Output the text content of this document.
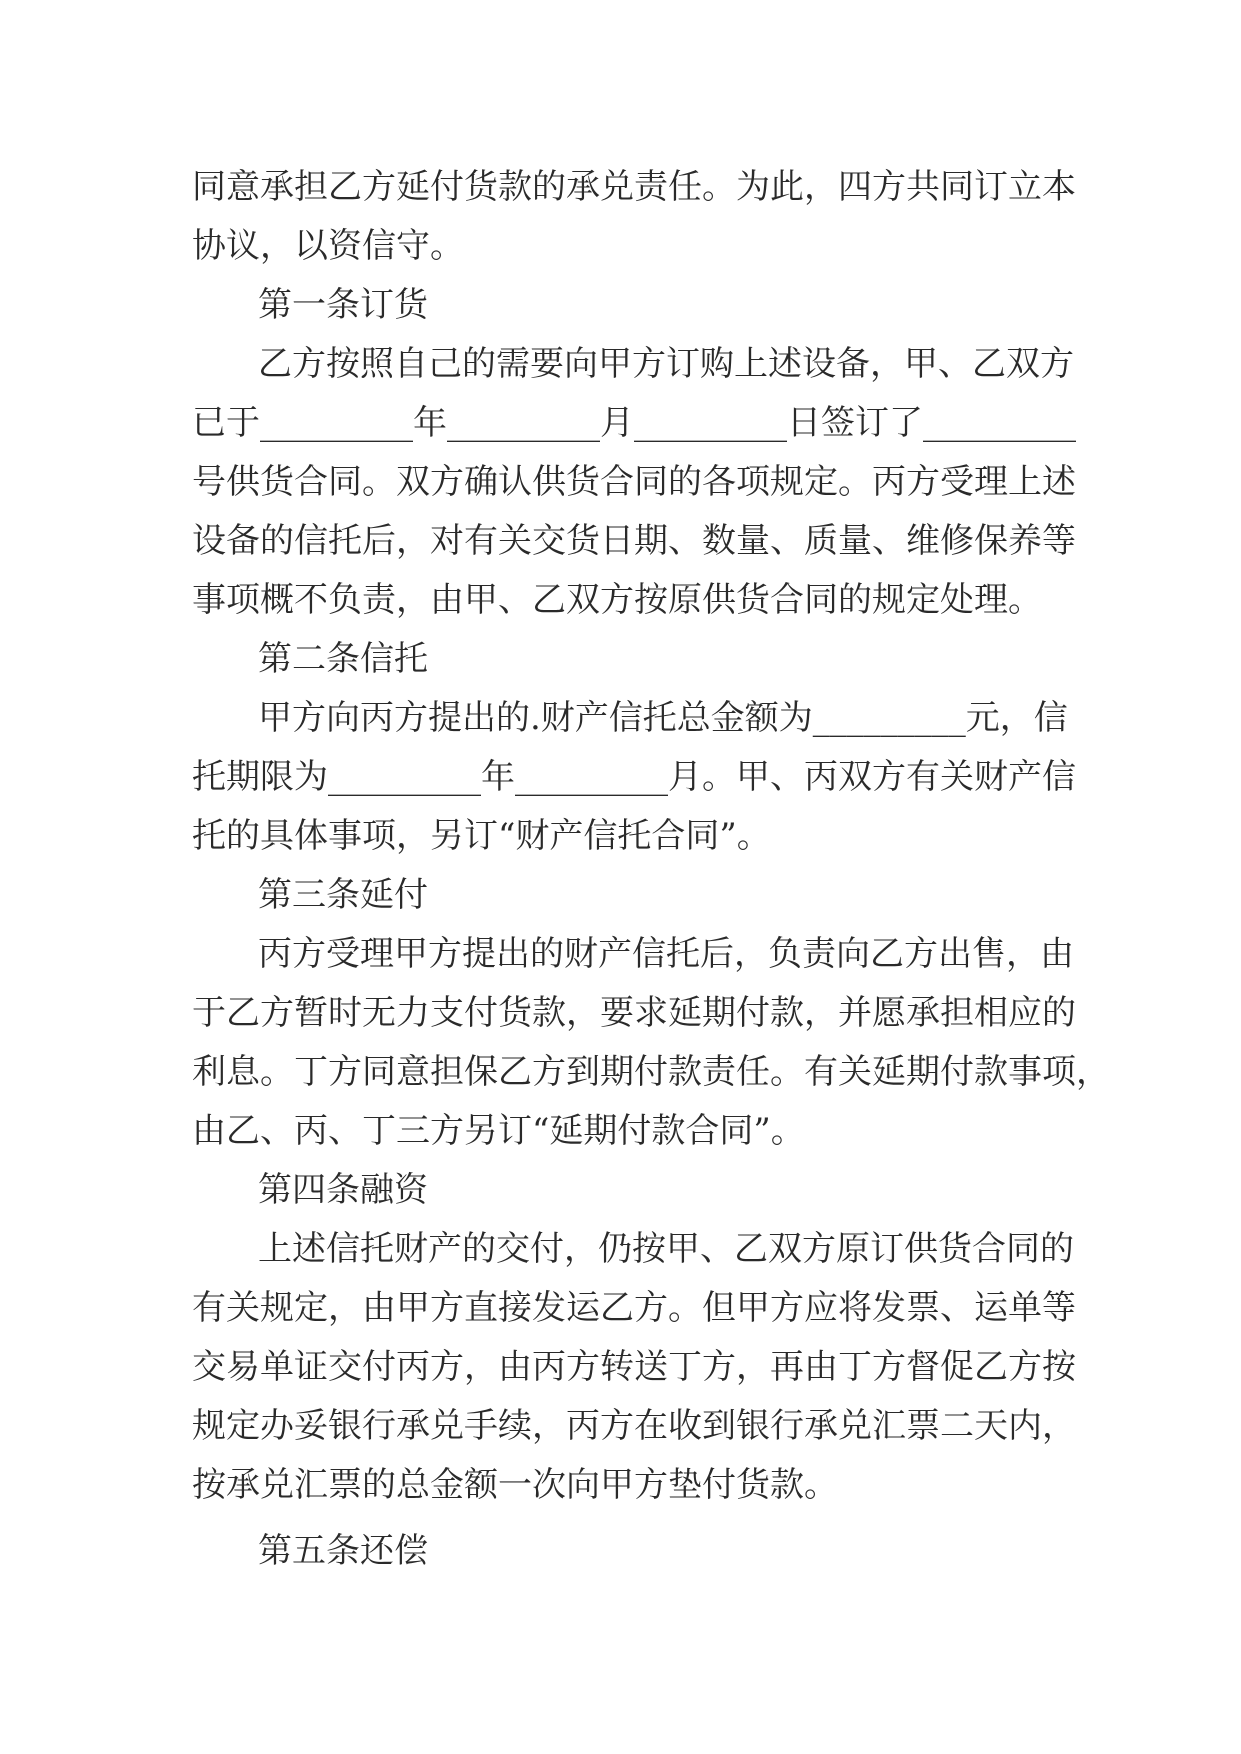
同意承担乙方延付货款的承兑责任。为此，四方共同订立本
协议，以资信守。
第一条订货
乙方按照自己的需要向甲方订购上述设备，甲、乙双方
已于_________年_________月_________日签订了_________
号供货合同。双方确认供货合同的各项规定。丙方受理上述
设备的信托后，对有关交货日期、数量、质量、维修保养等
事项概不负责，由甲、乙双方按原供货合同的规定处理。
第二条信托
甲方向丙方提出的.财产信托总金额为_________元，信
托期限为_________年_________月。甲、丙双方有关财产信
托的具体事项，另订“财产信托合同”。
第三条延付
丙方受理甲方提出的财产信托后，负责向乙方出售，由
于乙方暂时无力支付货款，要求延期付款，并愿承担相应的
利息。丁方同意担保乙方到期付款责任。有关延期付款事项，
由乙、丙、丁三方另订“延期付款合同”。
第四条融资
上述信托财产的交付，仍按甲、乙双方原订供货合同的
有关规定，由甲方直接发运乙方。但甲方应将发票、运单等
交易单证交付丙方，由丙方转送丁方，再由丁方督促乙方按
规定办妥银行承兑手续，丙方在收到银行承兑汇票二天内，
按承兑汇票的总金额一次向甲方垫付货款。
第五条还偿
